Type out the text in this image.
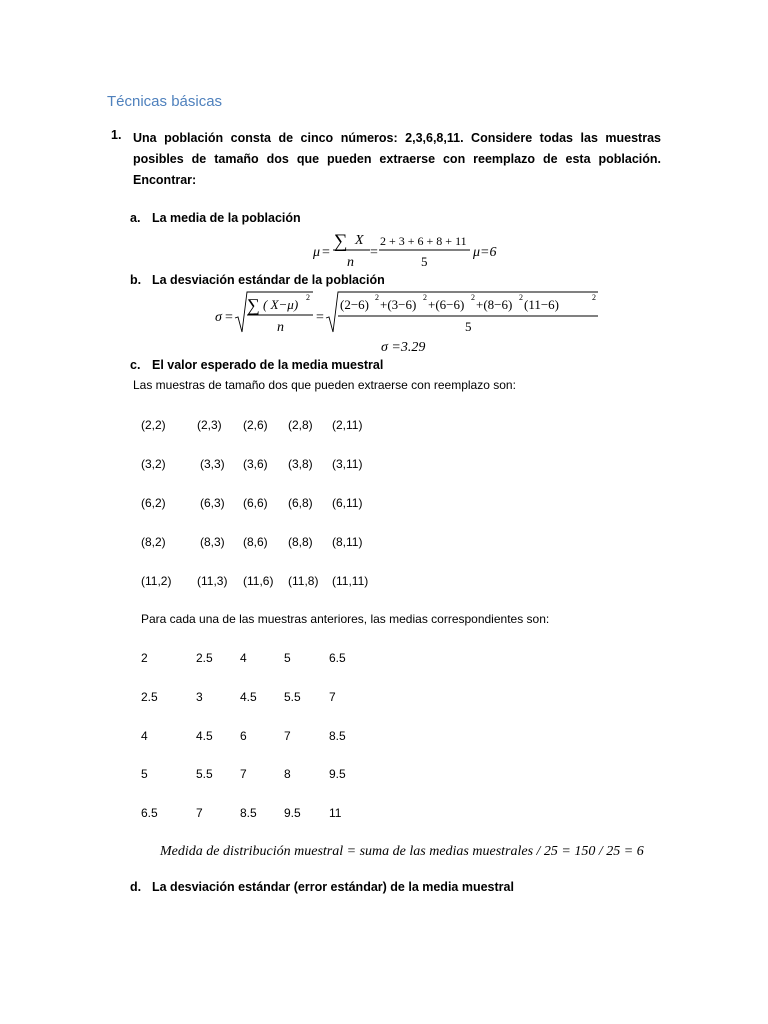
Técnicas básicas
1. Una población consta de cinco números: 2,3,6,8,11. Considere todas las muestras posibles de tamaño dos que pueden extraerse con reemplazo de esta población. Encontrar:
a. La media de la población
μ =
∑ X
n
=
2 + 3 + 6 + 8 + 11
5
μ=6
b. La desviación estándar de la población
σ =
∑ ( X−μ) 2
n
=
(2−6) 2 +(3−6) 2 +(6−6) 2 +(8−6) 2 (11−6)	2
5
σ =3.29
c. El valor esperado de la media muestral
Las muestras de tamaño dos que pueden extraerse con reemplazo son:
(2,2)	(2,3) (2,6) (2,8) (2,11)
(3,2)	(3,3) (3,6) (3,8) (3,11)
(6,2)	(6,3) (6,6) (6,8) (6,11)
(8,2)	(8,3) (8,6) (8,8) (8,11)
(11,2) (11,3) (11,6) (11,8) (11,11)
Para cada una de las muestras anteriores, las medias correspondientes son:
2	2.5 4	5	6.5
2.5	3	4.5 5.5 7
4	4.5 6	7	8.5
5	5.5 7	8	9.5
6.5	7	8.5 9.5 11
Medida de distribución muestral = suma de las medias muestrales / 25 = 150 / 25 = 6
d. La desviación estándar (error estándar) de la media muestral
